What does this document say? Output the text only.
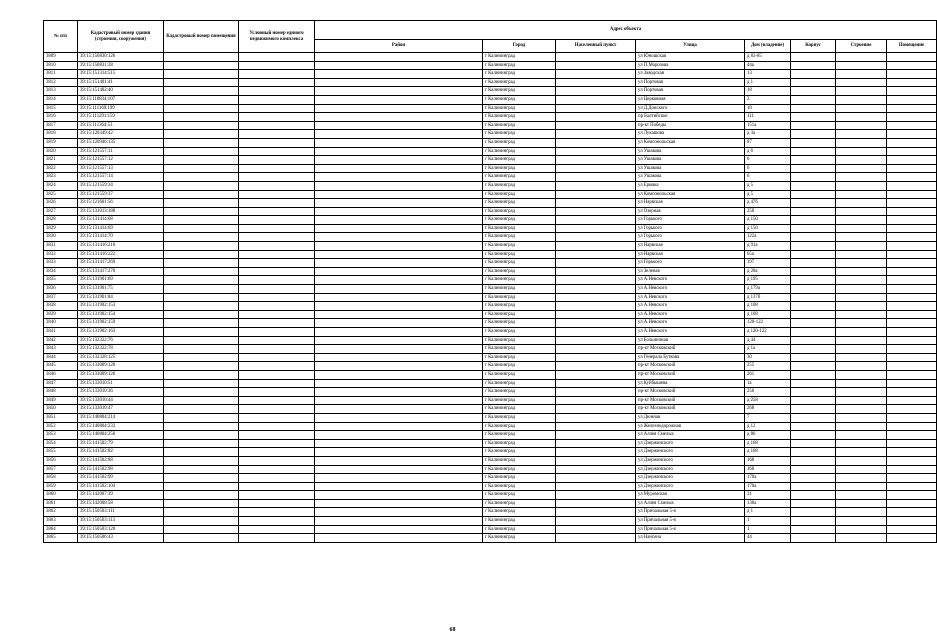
№ п/п	Кадастровый номер здания (строения, сооружения)	Кадастровый номер помещения	Условный номер единого недвижимого комплекса	Адрес объекта							
				Район	Город	Населенный пункт	Улица	Дом (владение)	Корпус	Строение	Помещение
3809	39:15:150830:126				г Калининград		ул Юношская	д 83-85			
3810	39:15:150831:28				г Калининград		ул П.Морозова	44а			
3811	39:15:151314:515				г Калининград		ул Заводская	13			
3812	39:15:151401:41				г Калининград		ул Портовая	д 1			
3813	39:15:151402:40				г Калининград		ул Портовая	18			
3814	39:15:110834:107				г Калининград		ул Церковная	2			
3815	39:15:111169:199				г Калининград		ул Д.Донского	18			
3816	39:15:111291:159				г Калининград		пр Балтийское	111			
3817	39:15:111364:53				г Калининград		пр-кт Победы	151а			
3818	39:15:120349:42				г Калининград		ул Лукашова	д 3а			
3819	39:15:120946:135				г Калининград		ул Комсомольская	87			
3820	39:15:121557:11				г Калининград		ул Ушакова	д 6			
3821	39:15:121557:12				г Калининград		ул Ушакова	6			
3822	39:15:121557:13				г Калининград		ул Ушакова	6			
3823	39:15:121557:14				г Калининград		ул Ушакова	6			
3824	39:15:121559:34				г Калининград		ул Ермака	д 5			
3825	39:15:121559:37				г Калининград		ул Комсомольская	д 5			
3826	39:15:121601:56				г Калининград		ул Нарвская	д 47б			
3827	39:15:131013:188				г Калининград		ул Озерная	25б			
3828	39:15:131414:68				г Калининград		ул Горького	д 150			
3829	39:15:131414:69				г Калининград		ул Горького	д 150			
3830	39:15:131414:70				г Калининград		ул Горького	122а			
3831	39:15:131416:216				г Калининград		ул Нарвская	д 91а			
3832	39:15:131416:222				г Калининград		ул Нарвская	65а			
3833	39:15:131417:269				г Калининград		ул Горького	197			
3834	39:15:131417:270				г Калининград		ул Зеленая	д 28а			
3835	39:15:131901:69				г Калининград		ул А.Невского	д 195			
3836	39:15:131901:75				г Калининград		ул А.Невского	д 179а			
3837	39:15:131901:84				г Калининград		ул А.Невского	д 137б			
3838	39:15:131902:153				г Калининград		ул А.Невского	д 108			
3839	39:15:131902:154				г Калининград		ул А.Невского	д 108			
3840	39:15:131902:159				г Калининград		ул А.Невского	120-122			
3841	39:15:131902:163				г Калининград		ул А.Невского	д 120-122			
3842	39:15:132322:76				г Калининград		ул Больничная	д 44			
3843	39:15:132322:78				г Калининград		пр-кт Московский	д 1а			
3844	39:15:132328:125				г Калининград		ул Генерала Буткова	30			
3845	39:15:133009:128				г Калининград		пр-кт Московский	255			
3846	39:15:133009:126				г Калининград		пр-кт Московский	261			
3847	39:15:133010:51				г Калининград		ул Куйбышева	1а			
3848	39:15:133010:36				г Калининград		пр-кт Московский	256			
3849	39:15:133010:44				г Калининград		пр-кт Московский	д 258			
3850	39:15:133010:47				г Калининград		пр-кт Московский	268			
3851	39:15:140804:214				г Калининград		ул Дюнная	7			
3852	39:15:140804:233				г Калининград		ул Железнодорожная	д 12			
3853	39:15:140804:256				г Калининград		ул Аллея Смелых	д 86			
3854	39:15:141502:79				г Калининград		ул Дзержинского	д 168			
3855	39:15:141502:82				г Калининград		ул Дзержинского	д 168			
3856	39:15:141502:88				г Калининград		ул Дзержинского	168			
3857	39:15:141502:98				г Калининград		ул Дзержинского	168			
3858	39:15:141502:99				г Калининград		ул Дзержинского	170а			
3859	39:15:141502:104				г Калининград		ул Дзержинского	170а			
3860	39:15:142007:39				г Калининград		ул Муромская	31			
3861	39:15:142008:58				г Калининград		ул Аллея Смелых	138а			
3862	39:15:150503:111				г Калининград		ул Причальная 5-я	д 1			
3863	39:15:150503:113				г Калининград		ул Причальная 5-я	1			
3864	39:15:150503:120				г Калининград		ул Причальная 5-я	1			
3865	39:15:150506:43				г Калининград		ул Нансена	44			
68
